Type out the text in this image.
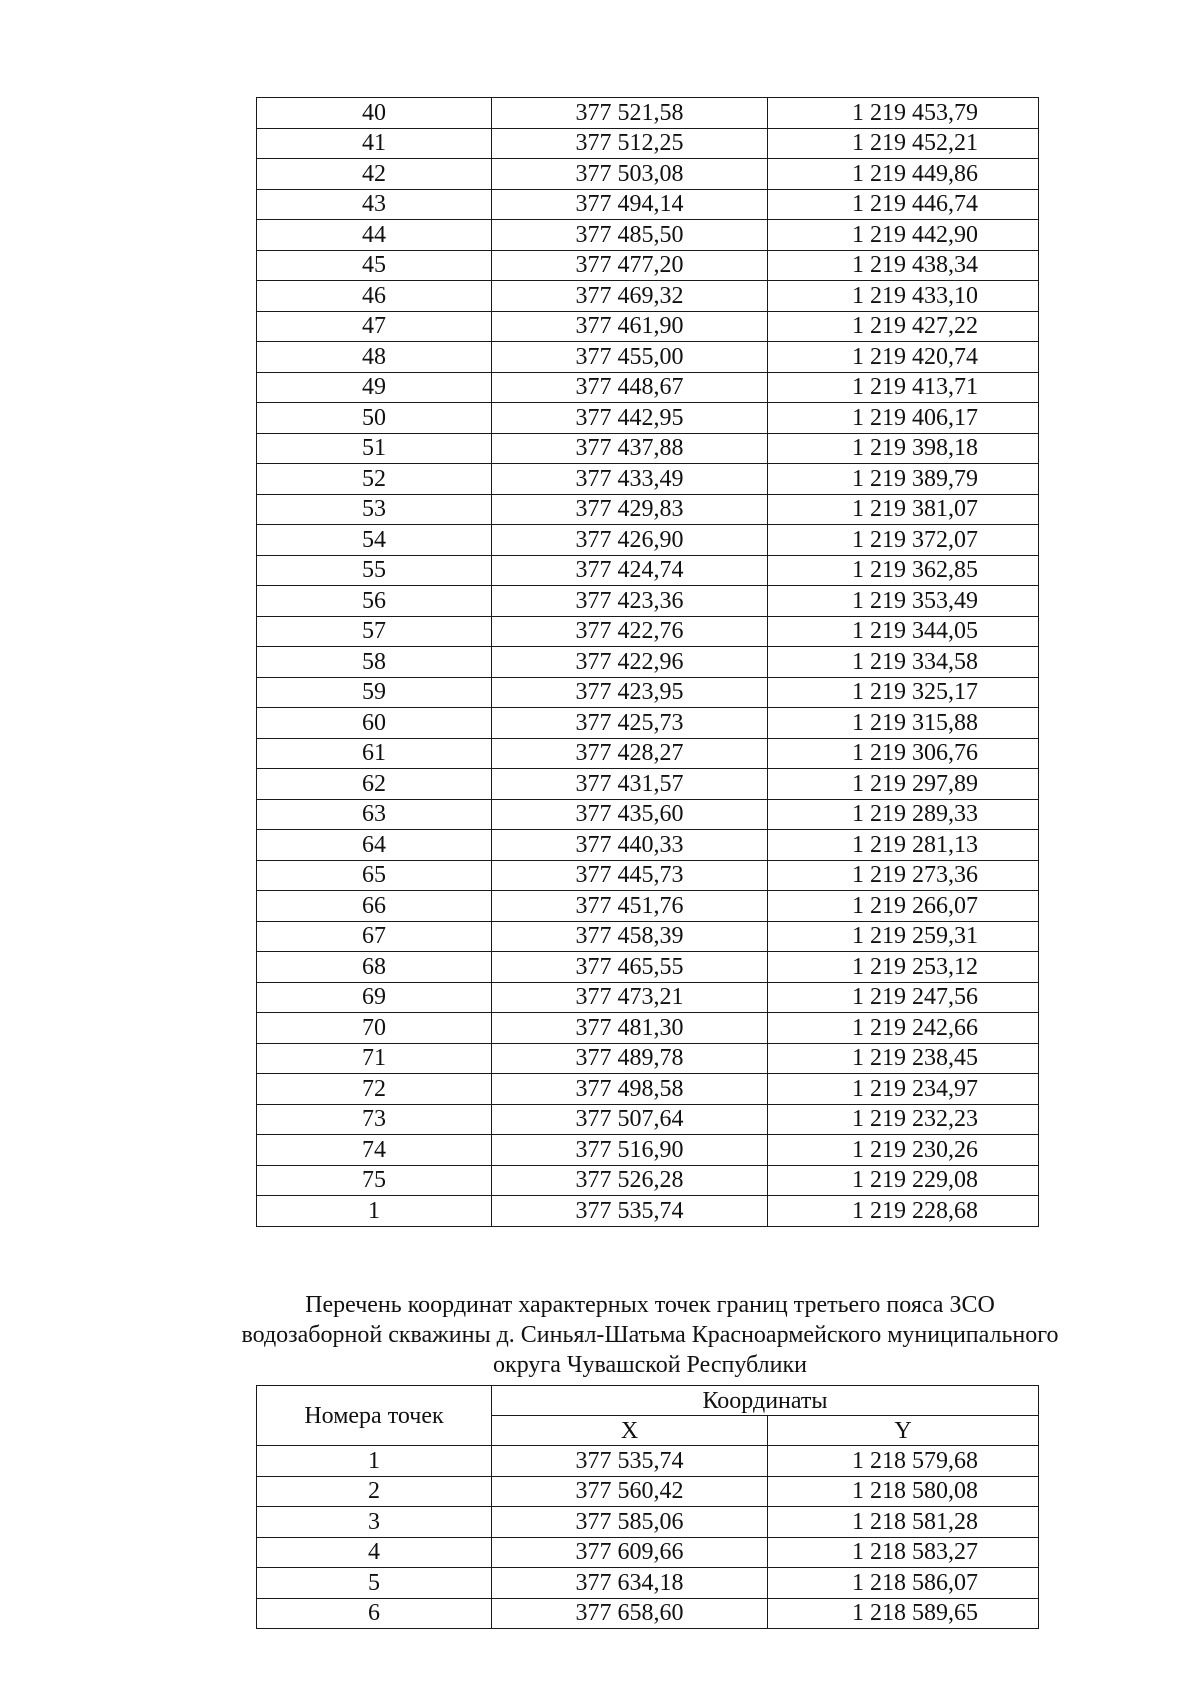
40	377 521,58	1 219 453,79
41	377 512,25	1 219 452,21
42	377 503,08	1 219 449,86
43	377 494,14	1 219 446,74
44	377 485,50	1 219 442,90
45	377 477,20	1 219 438,34
46	377 469,32	1 219 433,10
47	377 461,90	1 219 427,22
48	377 455,00	1 219 420,74
49	377 448,67	1 219 413,71
50	377 442,95	1 219 406,17
51	377 437,88	1 219 398,18
52	377 433,49	1 219 389,79
53	377 429,83	1 219 381,07
54	377 426,90	1 219 372,07
55	377 424,74	1 219 362,85
56	377 423,36	1 219 353,49
57	377 422,76	1 219 344,05
58	377 422,96	1 219 334,58
59	377 423,95	1 219 325,17
60	377 425,73	1 219 315,88
61	377 428,27	1 219 306,76
62	377 431,57	1 219 297,89
63	377 435,60	1 219 289,33
64	377 440,33	1 219 281,13
65	377 445,73	1 219 273,36
66	377 451,76	1 219 266,07
67	377 458,39	1 219 259,31
68	377 465,55	1 219 253,12
69	377 473,21	1 219 247,56
70	377 481,30	1 219 242,66
71	377 489,78	1 219 238,45
72	377 498,58	1 219 234,97
73	377 507,64	1 219 232,23
74	377 516,90	1 219 230,26
75	377 526,28	1 219 229,08
1	377 535,74	1 219 228,68
Перечень координат характерных точек границ третьего пояса ЗСО
водозаборной скважины д. Синьял-Шатьма Красноармейского муниципального
округа Чувашской Республики
Номера точек	Координаты	
	X	Y
1	377 535,74	1 218 579,68
2	377 560,42	1 218 580,08
3	377 585,06	1 218 581,28
4	377 609,66	1 218 583,27
5	377 634,18	1 218 586,07
6	377 658,60	1 218 589,65
